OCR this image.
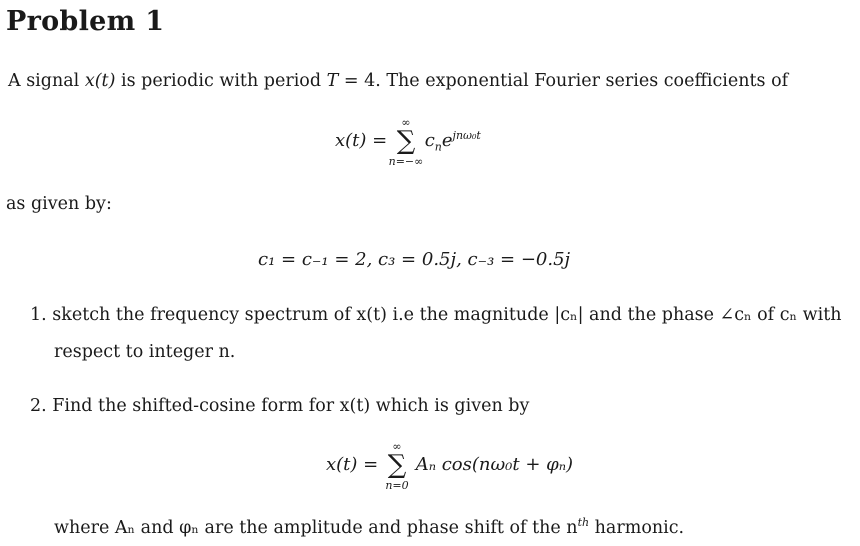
Problem 1
A signal x(t) is periodic with period T = 4. The exponential Fourier series coefficients of
x(t) =
∞
∑
n=−∞
$c_ne^{jn\omega_0t}$
as given by:
c₁ = c₋₁ = 2, c₃ = 0.5j, c₋₃ = −0.5j
1. sketch the frequency spectrum of x(t) i.e the magnitude |cₙ| and the phase ∠cₙ of cₙ with
respect to integer n.
2. Find the shifted-cosine form for x(t) which is given by
x(t) =
∞
∑
n=0
Aₙ cos(nω₀t + φₙ)
where Aₙ and φₙ are the amplitude and phase shift of the $n^{th}$ harmonic.
